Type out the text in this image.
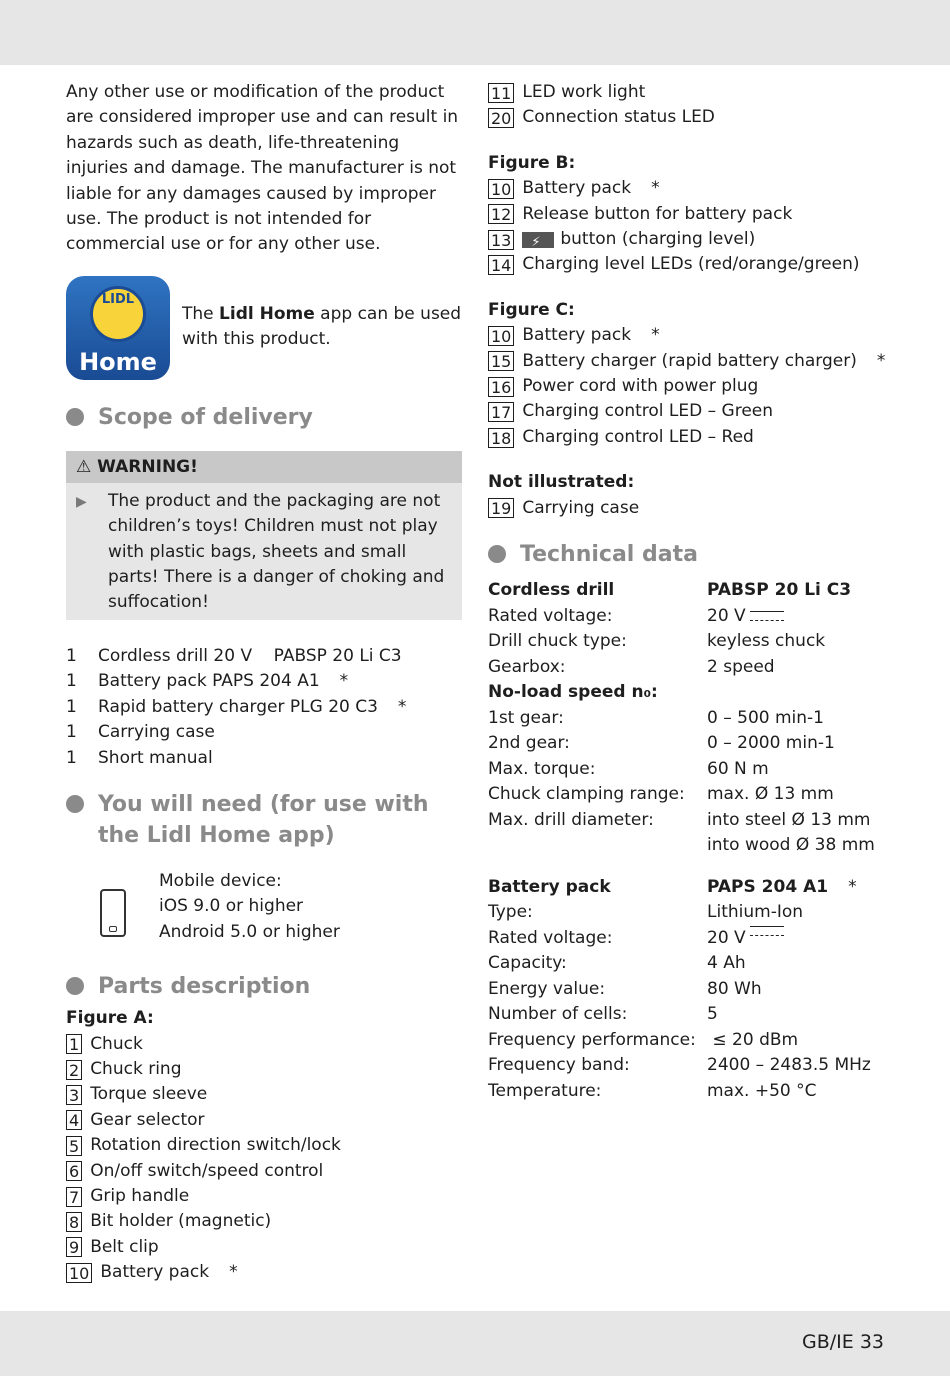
Any other use or modification of the product are considered improper use and can result in hazards such as death, life-threatening injuries and damage. The manufacturer is not liable for any damages caused by improper use. The product is not intended for commercial use or for any other use.

LIDL
Home
The Lidl Home app can be used with this product.
Scope of delivery
⚠ WARNING!
▶	The product and the packaging are not children’s toys! Children must not play with plastic bags, sheets and small parts! There is a danger of choking and suffocation!
1	Cordless drill 20 V    PABSP 20 Li C3
1	Battery pack PAPS 204 A1 *
1	Rapid battery charger PLG 20 C3 *
1	Carrying case
1	Short manual
You will need (for use with the Lidl Home app)
Mobile device:
iOS 9.0 or higher
Android 5.0 or higher
Parts description
Figure A:
1 Chuck
2 Chuck ring
3 Torque sleeve
4 Gear selector
5 Rotation direction switch/lock
6 On/off switch/speed control
7 Grip handle
8 Bit holder (magnetic)
9 Belt clip
10 Battery pack *
11 LED work light
20 Connection status LED
Figure B:
10 Battery pack *
12 Release button for battery pack
13
⚡	button (charging level)
14 Charging level LEDs (red/orange/green)
Figure C:
10 Battery pack *
15 Battery charger (rapid battery charger) *
16 Power cord with power plug
17 Charging control LED – Green
18 Charging control LED – Red
Not illustrated:
19 Carrying case
Technical data
Cordless drill	PABSP 20 Li C3
Rated voltage:	20 V
Drill chuck type:	keyless chuck
Gearbox:	2 speed
No-load speed n₀:
1st gear:	0 – 500 min-1
2nd gear:	0 – 2000 min-1
Max. torque:	60 N m
Chuck clamping range:	max. Ø 13 mm
Max. drill diameter:	into steel Ø 13 mm
into wood Ø 38 mm
Battery pack	PAPS 204 A1 *
Type:	Lithium-Ion
Rated voltage:	20 V
Capacity:	4 Ah
Energy value:	80 Wh
Number of cells:	5
Frequency performance: ≤ 20 dBm
Frequency band:	2400 – 2483.5 MHz
Temperature:	max. +50 °C
GB/IE 33
